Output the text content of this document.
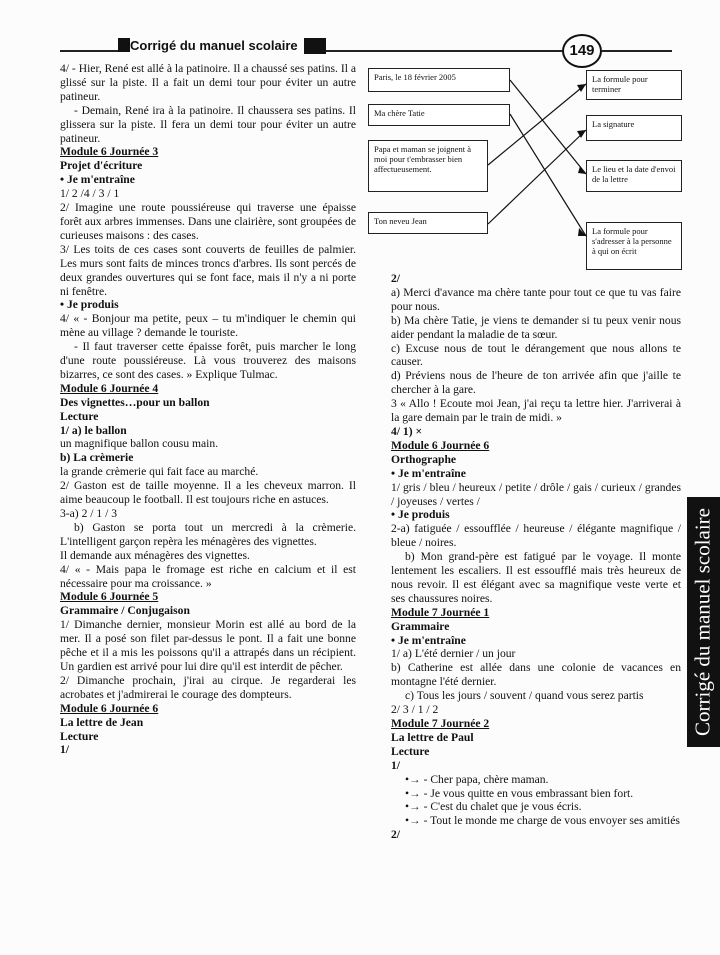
Corrigé du manuel scolaire	149
Paris, le 18 février 2005
Ma chère Tatie
Papa et maman se joignent à moi pour t'embrasser bien affectueusement.
Ton neveu Jean
La formule pour terminer
La signature
Le lieu et la date d'envoi de la lettre
La formule pour s'adresser à la personne à qui on écrit

4/ - Hier, René est allé à la patinoire. Il a chaussé ses patins. Il a glissé sur la piste. Il a fait un demi tour pour éviter un autre patineur.

- Demain, René ira à la patinoire. Il chaussera ses patins. Il glissera sur la piste. Il fera un demi tour pour éviter un autre patineur.

Module 6 Journée 3

Projet d'écriture

• Je m'entraîne

1/ 2 /4 / 3 / 1

2/ Imagine une route poussiéreuse qui traverse une épaisse forêt aux arbres immenses. Dans une clairière, sont groupées de curieuses maisons : des cases.

3/ Les toits de ces cases sont couverts de feuilles de palmier. Les murs sont faits de minces troncs d'arbres. Ils sont percés de deux grandes ouvertures qui se font face, mais il n'y a ni porte ni fenêtre.

• Je produis

4/ « - Bonjour ma petite, peux – tu m'indiquer le chemin qui mène au village ? demande le touriste.

- Il faut traverser cette épaisse forêt, puis marcher le long d'une route poussiéreuse. Là vous trouverez des maisons bizarres, ce sont des cases. » Explique Tulmac.

Module 6 Journée 4

Des vignettes…pour un ballon

Lecture

1/ a) le ballon

un magnifique ballon cousu main.

b) La crèmerie

la grande crèmerie qui fait face au marché.

2/ Gaston est de taille moyenne. Il a les cheveux marron. Il aime beaucoup le football. Il est toujours riche en astuces.

3-a) 2 / 1 / 3

b) Gaston se porta tout un mercredi à la crèmerie. L'intelligent garçon repèra les ménagères des vignettes.

Il demande aux ménagères des vignettes.

4/ « - Mais papa le fromage est riche en calcium et il est nécessaire pour ma croissance. »

Module 6 Journée 5

Grammaire / Conjugaison

1/ Dimanche dernier, monsieur Morin est allé au bord de la mer. Il a posé son filet par-dessus le pont. Il a fait une bonne pêche et il a mis les poissons qu'il a attrapés dans un récipient. Un gardien est arrivé pour lui dire qu'il est interdit de pêcher.

2/ Dimanche prochain, j'irai au cirque. Je regarderai les acrobates et j'admirerai le courage des dompteurs.

Module 6 Journée 6

La lettre de Jean

Lecture

1/

2/

a) Merci d'avance ma chère tante pour tout ce que tu vas faire pour nous.

b) Ma chère Tatie, je viens te demander si tu peux venir nous aider pendant la maladie de ta sœur.

c) Excuse nous de tout le dérangement que nous allons te causer.

d) Préviens nous de l'heure de ton arrivée afin que j'aille te chercher à la gare.

3 « Allo ! Ecoute moi Jean, j'ai reçu ta lettre hier. J'arriverai à la gare demain par le train de midi. »

4/ 1) ×

Module 6 Journée 6

Orthographe

• Je m'entraîne

1/ gris / bleu / heureux / petite / drôle / gais / curieux / grandes / joyeuses / vertes /

• Je produis

2-a) fatiguée / essoufflée / heureuse / élégante magnifique / bleue / noires.

b) Mon grand-père est fatigué par le voyage. Il monte lentement les escaliers. Il est essoufflé mais très heureux de nous revoir. Il est élégant avec sa magnifique veste verte et ses chaussures noires.

Module 7 Journée 1

Grammaire

• Je m'entraîne

1/ a) L'été dernier / un jour

b) Catherine est allée dans une colonie de vacances en montagne l'été dernier.

c) Tous les jours / souvent / quand vous serez partis

2/ 3 / 1 / 2

Module 7 Journée 2

La lettre de Paul

Lecture

1/

•→ - Cher papa, chère maman.

•→ - Je vous quitte en vous embrassant bien fort.

•→ - C'est du chalet que je vous écris.

•→ - Tout le monde me charge de vous envoyer ses amitiés

2/

Corrigé du manuel scolaire
